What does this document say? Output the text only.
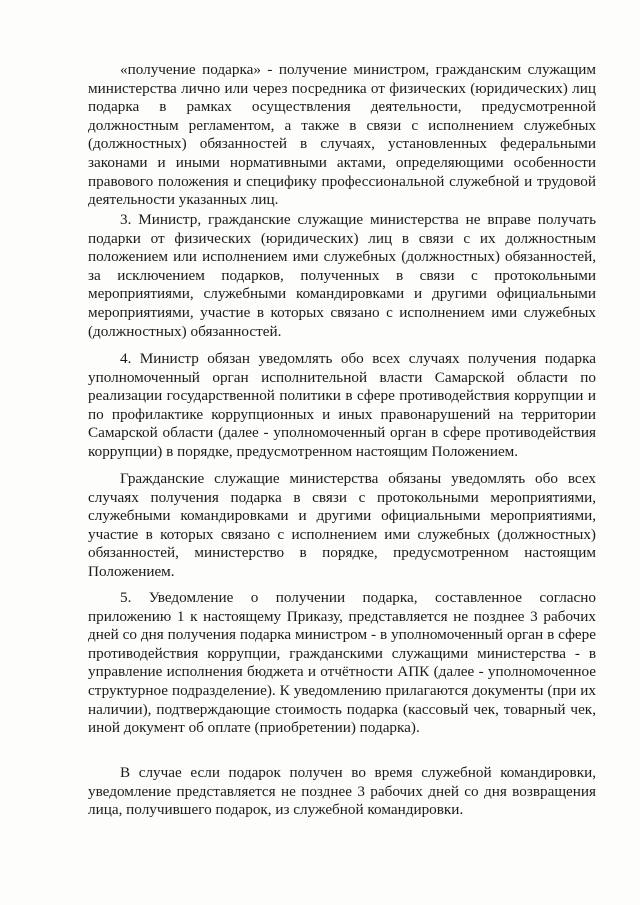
«получение подарка» - получение министром, гражданским служащим министерства лично или через посредника от физических (юридических) лиц подарка в рамках осуществления деятельности, предусмотренной должностным регламентом, а также в связи с исполнением служебных (должностных) обязанностей в случаях, установленных федеральными законами и иными нормативными актами, определяющими особенности правового положения и специфику профессиональной служебной и трудовой деятельности указанных лиц.

3. Министр, гражданские служащие министерства не вправе получать подарки от физических (юридических) лиц в связи с их должностным положением или исполнением ими служебных (должностных) обязанностей, за исключением подарков, полученных в связи с протокольными мероприятиями, служебными командировками и другими официальными мероприятиями, участие в которых связано с исполнением ими служебных (должностных) обязанностей.

4. Министр обязан уведомлять обо всех случаях получения подарка уполномоченный орган исполнительной власти Самарской области по реализации государственной политики в сфере противодействия коррупции и по профилактике коррупционных и иных правонарушений на территории Самарской области (далее - уполномоченный орган в сфере противодействия коррупции) в порядке, предусмотренном настоящим Положением.

Гражданские служащие министерства обязаны уведомлять обо всех случаях получения подарка в связи с протокольными мероприятиями, служебными командировками и другими официальными мероприятиями, участие в которых связано с исполнением ими служебных (должностных) обязанностей, министерство в порядке, предусмотренном настоящим Положением.

5. Уведомление о получении подарка, составленное согласно приложению 1 к настоящему Приказу, представляется не позднее 3 рабочих дней со дня получения подарка министром - в уполномоченный орган в сфере противодействия коррупции, гражданскими служащими министерства - в управление исполнения бюджета и отчётности АПК (далее - уполномоченное структурное подразделение). К уведомлению прилагаются документы (при их наличии), подтверждающие стоимость подарка (кассовый чек, товарный чек, иной документ об оплате (приобретении) подарка).

В случае если подарок получен во время служебной командировки, уведомление представляется не позднее 3 рабочих дней со дня возвращения лица, получившего подарок, из служебной командировки.
